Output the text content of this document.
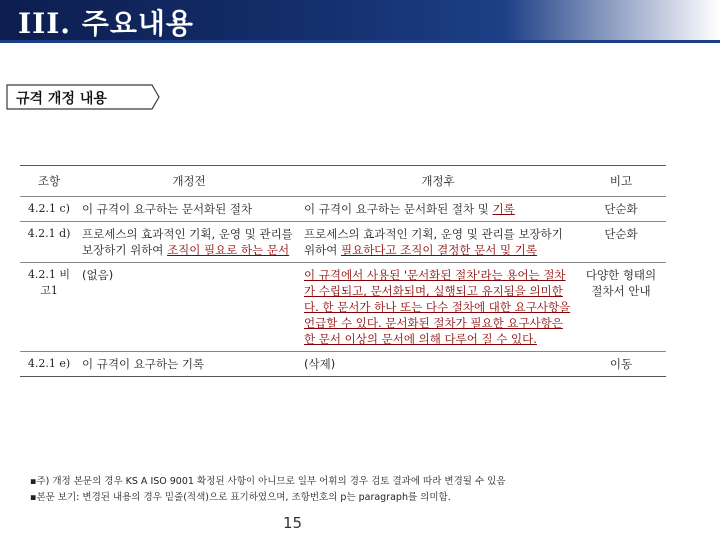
III. 주요내용
규격 개정 내용
조항	개정전	개정후	비고
4.2.1 c)	이 규격이 요구하는 문서화된 절차	이 규격이 요구하는 문서화된 절차 및 기록	단순화
4.2.1 d)	프로세스의 효과적인 기획, 운영 및 관리를 보장하기 위하여 조직이 필요로 하는 문서	프로세스의 효과적인 기획, 운영 및 관리를 보장하기 위하여 필요하다고 조직이 결정한 문서 및 기록	단순화
4.2.1 비고1	(없음)	이 규격에서 사용된 '문서화된 절차'라는 용어는 절차가 수립되고, 문서화되며, 실행되고 유지됨을 의미한다. 한 문서가 하나 또는 다수 절차에 대한 요구사항을 언급할 수 있다. 문서화된 절차가 필요한 요구사항은 한 문서 이상의 문서에 의해 다루어 질 수 있다.	다양한 형태의 절차서 안내
4.2.1 e)	이 규격이 요구하는 기록	(삭제)	이동
▪주) 개정 본문의 경우 KS A ISO 9001 확정된 사항이 아니므로 일부 어휘의 경우 검토 결과에 따라 변경될 수 있음
▪본문 보기: 변경된 내용의 경우 밑줄(적색)으로 표기하였으며, 조항번호의 p는 paragraph를 의미함.
15
